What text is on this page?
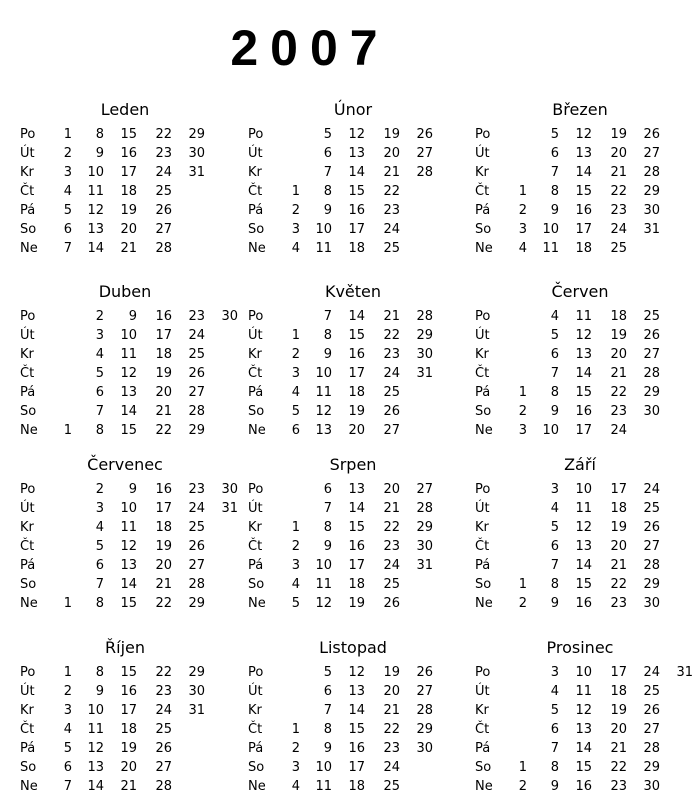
2007
Leden
Po
Út
Kr
Čt
Pá
So
Ne
1
2
3
4
5
6
7
8
9
10
11
12
13
14
15
16
17
18
19
20
21
22
23
24
25
26
27
28
29
30
31
Únor
Po
Út
Kr
Čt
Pá
So
Ne
1
2
3
4
5
6
7
8
9
10
11
12
13
14
15
16
17
18
19
20
21
22
23
24
25
26
27
28
Březen
Po
Út
Kr
Čt
Pá
So
Ne
1
2
3
4
5
6
7
8
9
10
11
12
13
14
15
16
17
18
19
20
21
22
23
24
25
26
27
28
29
30
31
Duben
Po
Út
Kr
Čt
Pá
So
Ne	1
2
3
4
5
6
7
8
9
10
11
12
13
14
15
16
17
18
19
20
21
22
23
24
25
26
27
28
29
30
Květen
Po
Út
Kr
Čt
Pá
So
Ne
1
2
3
4
5
6
7
8
9
10
11
12
13
14
15
16
17
18
19
20
21
22
23
24
25
26
27
28
29
30
31
Červen
Po
Út
Kr
Čt
Pá
So
Ne
1
2
3
4
5
6
7
8
9
10
11
12
13
14
15
16
17
18
19
20
21
22
23
24
25
26
27
28
29
30
Červenec
Po
Út
Kr
Čt
Pá
So
Ne	1
2
3
4
5
6
7
8
9
10
11
12
13
14
15
16
17
18
19
20
21
22
23
24
25
26
27
28
29
30
31
Srpen
Po
Út
Kr
Čt
Pá
So
Ne
1
2
3
4
5
6
7
8
9
10
11
12
13
14
15
16
17
18
19
20
21
22
23
24
25
26
27
28
29
30
31
Září
Po
Út
Kr
Čt
Pá
So
Ne
1
2
3
4
5
6
7
8
9
10
11
12
13
14
15
16
17
18
19
20
21
22
23
24
25
26
27
28
29
30
Říjen
Po
Út
Kr
Čt
Pá
So
Ne
1
2
3
4
5
6
7
8
9
10
11
12
13
14
15
16
17
18
19
20
21
22
23
24
25
26
27
28
29
30
31
Listopad
Po
Út
Kr
Čt
Pá
So
Ne
1
2
3
4
5
6
7
8
9
10
11
12
13
14
15
16
17
18
19
20
21
22
23
24
25
26
27
28
29
30
Prosinec
Po
Út
Kr
Čt
Pá
So
Ne
1
2
3
4
5
6
7
8
9
10
11
12
13
14
15
16
17
18
19
20
21
22
23
24
25
26
27
28
29
30
31
